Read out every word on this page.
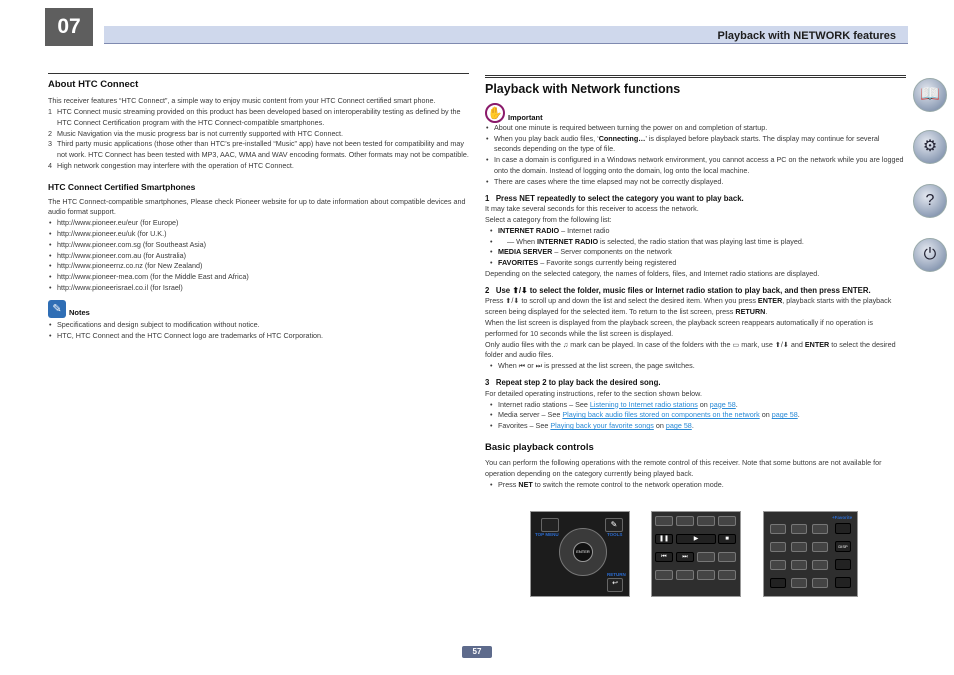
07	Playback with NETWORK features
About HTC Connect

This receiver features “HTC Connect”, a simple way to enjoy music content from your HTC Connect certified smart phone.

1 HTC Connect music streaming provided on this product has been developed based on interoperability testing as defined by the HTC Connect Certification program with the HTC Connect-compatible smartphones.
2 Music Navigation via the music progress bar is not currently supported with HTC Connect.
3 Third party music applications (those other than HTC’s pre-installed “Music” app) have not been tested for compatibility and may not work. HTC Connect has been tested with MP3, AAC, WMA and WAV encoding formats. Other formats may not be compatible.
4 High network congestion may interfere with the operation of HTC Connect.
HTC Connect Certified Smartphones

The HTC Connect-compatible smartphones, Please check Pioneer website for up to date information about compatible devices and audio format support.

• http://www.pioneer.eu/eur (for Europe)
• http://www.pioneer.eu/uk (for U.K.)
• http://www.pioneer.com.sg (for Southeast Asia)
• http://www.pioneer.com.au (for Australia)
• http://www.pioneernz.co.nz (for New Zealand)
• http://www.pioneer-mea.com (for the Middle East and Africa)
• http://www.pioneerisrael.co.il (for Israel)
✎ Notes
• Specifications and design subject to modification without notice.
• HTC, HTC Connect and the HTC Connect logo are trademarks of HTC Corporation.
Playback with Network functions
✋ Important
• About one minute is required between turning the power on and completion of startup.
• When you play back audio files, ‘Connecting…’ is displayed before playback starts. The display may continue for several seconds depending on the type of file.
• In case a domain is configured in a Windows network environment, you cannot access a PC on the network while you are logged onto the domain. Instead of logging onto the domain, log onto the local machine.
• There are cases where the time elapsed may not be correctly displayed.

1 Press NET repeatedly to select the category you want to play back.

It may take several seconds for this receiver to access the network.

Select a category from the following list:

• INTERNET RADIO – Internet radio
• — When INTERNET RADIO is selected, the radio station that was playing last time is played.
• MEDIA SERVER – Server components on the network
• FAVORITES – Favorite songs currently being registered

Depending on the selected category, the names of folders, files, and Internet radio stations are displayed.

2 Use ⬆/⬇ to select the folder, music files or Internet radio station to play back, and then press ENTER.

Press ⬆/⬇ to scroll up and down the list and select the desired item. When you press ENTER, playback starts with the playback screen being displayed for the selected item. To return to the list screen, press RETURN.

When the list screen is displayed from the playback screen, the playback screen reappears automatically if no operation is performed for 10 seconds while the list screen is displayed.

Only audio files with the ♫ mark can be played. In case of the folders with the ▭ mark, use ⬆/⬇ and ENTER to select the desired folder and audio files.

• When ⏮ or ⏭ is pressed at the list screen, the page switches.

3 Repeat step 2 to play back the desired song.

For detailed operating instructions, refer to the section shown below.

• Internet radio stations – See Listening to Internet radio stations on page 58.
• Media server – See Playing back audio files stored on components on the network on page 58.
• Favorites – See Playing back your favorite songs on page 58.
Basic playback controls

You can perform the following operations with the remote control of this receiver. Note that some buttons are not available for operation depending on the category currently being played back.

• Press NET to switch the remote control to the network operation mode.
✎
TOP MENU	TOOLS
ENTER
RETURN
↩
❚❚	▶	■
⏮	⏭
+Favorite
DISP
📖
⚙
?
⏻
57
